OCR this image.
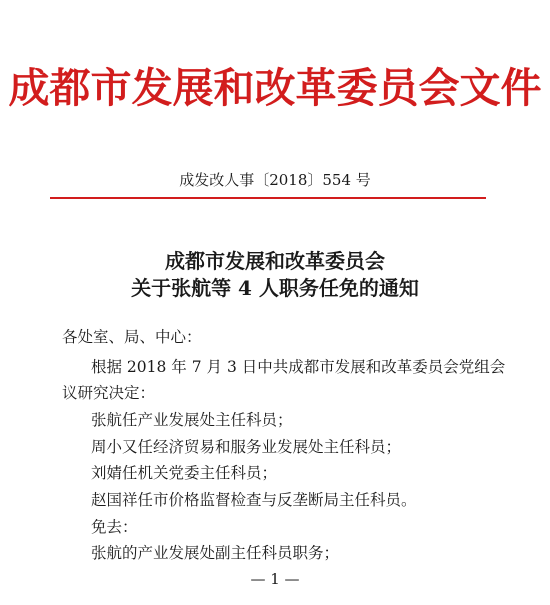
成都市发展和改革委员会文件
成发改人事〔2018〕554 号
成都市发展和改革委员会
关于张航等 4 人职务任免的通知
各处室、局、中心：
根据 2018 年 7 月 3 日中共成都市发展和改革委员会党组会
议研究决定：
张航任产业发展处主任科员；
周小又任经济贸易和服务业发展处主任科员；
刘婧任机关党委主任科员；
赵国祥任市价格监督检查与反垄断局主任科员。
免去：
张航的产业发展处副主任科员职务；
— 1 —
